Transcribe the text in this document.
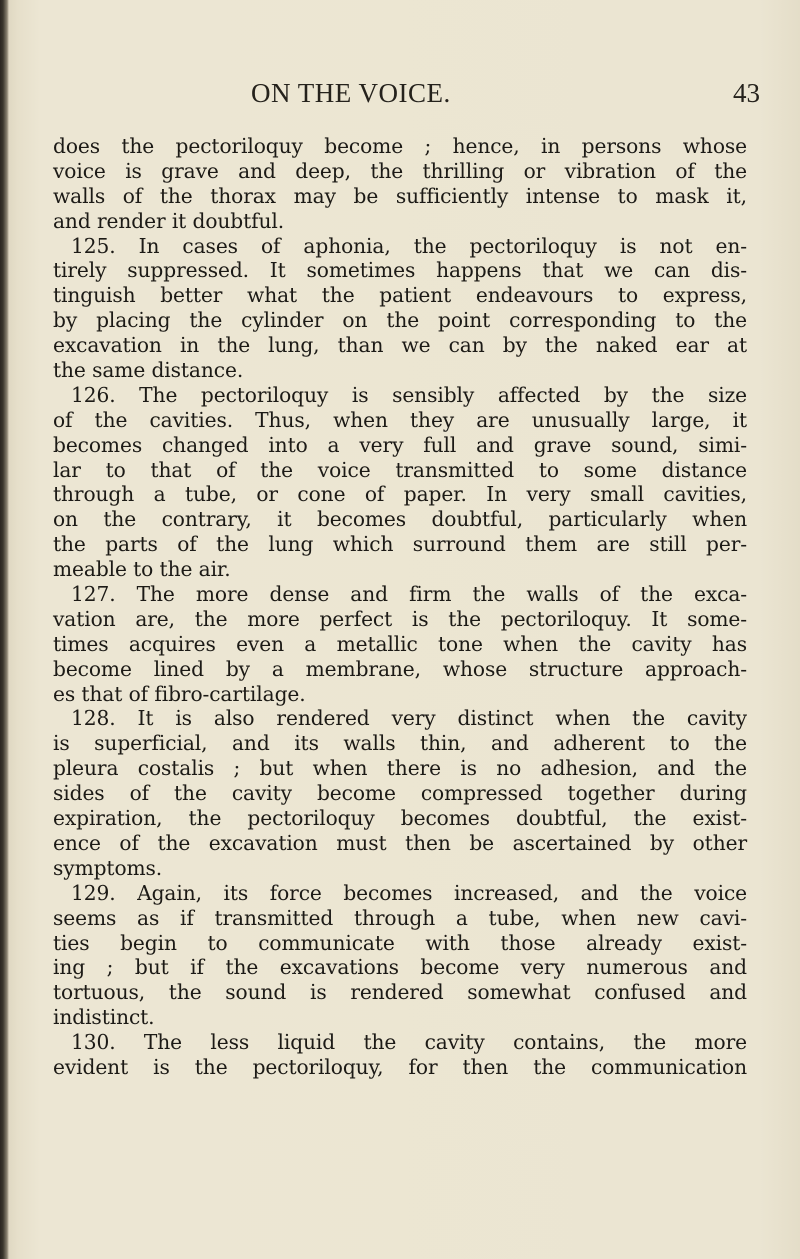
ON THE VOICE.	43
does the pectoriloquy become ; hence, in persons whose
voice is grave and deep, the thrilling or vibration of the
walls of the thorax may be sufficiently intense to mask it,
and render it doubtful.
125. In cases of aphonia, the pectoriloquy is not en-
tirely suppressed. It sometimes happens that we can dis-
tinguish better what the patient endeavours to express,
by placing the cylinder on the point corresponding to the
excavation in the lung, than we can by the naked ear at
the same distance.
126. The pectoriloquy is sensibly affected by the size
of the cavities. Thus, when they are unusually large, it
becomes changed into a very full and grave sound, simi-
lar to that of the voice transmitted to some distance
through a tube, or cone of paper. In very small cavities,
on the contrary, it becomes doubtful, particularly when
the parts of the lung which surround them are still per-
meable to the air.
127. The more dense and firm the walls of the exca-
vation are, the more perfect is the pectoriloquy. It some-
times acquires even a metallic tone when the cavity has
become lined by a membrane, whose structure approach-
es that of fibro-cartilage.
128. It is also rendered very distinct when the cavity
is superficial, and its walls thin, and adherent to the
pleura costalis ; but when there is no adhesion, and the
sides of the cavity become compressed together during
expiration, the pectoriloquy becomes doubtful, the exist-
ence of the excavation must then be ascertained by other
symptoms.
129. Again, its force becomes increased, and the voice
seems as if transmitted through a tube, when new cavi-
ties begin to communicate with those already exist-
ing ; but if the excavations become very numerous and
tortuous, the sound is rendered somewhat confused and
indistinct.
130. The less liquid the cavity contains, the more
evident is the pectoriloquy, for then the communication
